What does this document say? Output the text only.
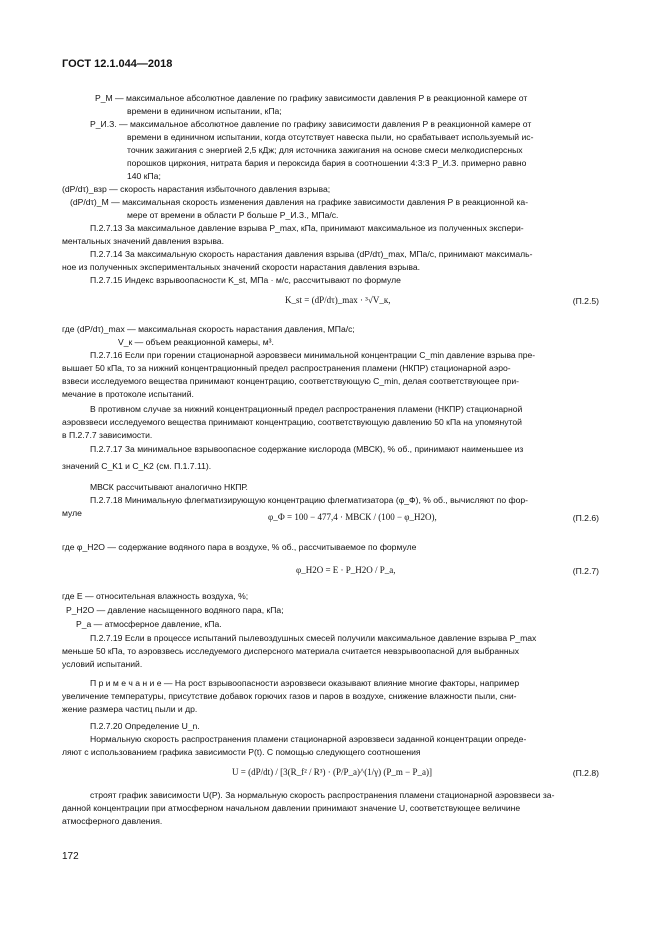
ГОСТ 12.1.044—2018
P_M — максимальное абсолютное давление по графику зависимости давления P в реакционной камере от
времени в единичном испытании, кПа;
P_И.З. — максимальное абсолютное давление по графику зависимости давления P в реакционной камере от
времени в единичном испытании, когда отсутствует навеска пыли, но срабатывает используемый ис-
точник зажигания с энергией 2,5 кДж; для источника зажигания на основе смеси мелкодисперсных
порошков циркония, нитрата бария и пероксида бария в соотношении 4:3:3 P_И.З. примерно равно
140 кПа;
(dP/dτ)_взр — скорость нарастания избыточного давления взрыва;
(dP/dτ)_M — максимальная скорость изменения давления на графике зависимости давления P в реакционной ка-
мере от времени в области P больше P_И.З., МПа/с.
П.2.7.13 За максимальное давление взрыва P_max, кПа, принимают максимальное из полученных экспери-
ментальных значений давления взрыва.
П.2.7.14 За максимальную скорость нарастания давления взрыва (dP/dτ)_max, МПа/с, принимают максималь-
ное из полученных экспериментальных значений скорости нарастания давления взрыва.
П.2.7.15 Индекс взрывоопасности K_st, МПа · м/с, рассчитывают по формуле
где (dP/dτ)_max — максимальная скорость нарастания давления, МПа/с;
V_к — объем реакционной камеры, м³.
П.2.7.16 Если при горении стационарной аэровзвеси минимальной концентрации C_min давление взрыва пре-
вышает 50 кПа, то за нижний концентрационный предел распространения пламени (НКПР) стационарной аэро-
взвеси исследуемого вещества принимают концентрацию, соответствующую C_min, делая соответствующее при-
мечание в протоколе испытаний.
В противном случае за нижний концентрационный предел распространения пламени (НКПР) стационарной
аэровзвеси исследуемого вещества принимают концентрацию, соответствующую давлению 50 кПа на упомянутой
в П.2.7.7 зависимости.
П.2.7.17 За минимальное взрывоопасное содержание кислорода (МВСК), % об., принимают наименьшее из
значений C_K1 и C_K2 (см. П.1.7.11).
МВСК рассчитывают аналогично НКПР.
П.2.7.18 Минимальную флегматизирующую концентрацию флегматизатора (φ_Ф), % об., вычисляют по фор-
муле
где φ_H2O — содержание водяного пара в воздухе, % об., рассчитываемое по формуле
где E — относительная влажность воздуха, %;
P_H2O — давление насыщенного водяного пара, кПа;
P_a — атмосферное давление, кПа.
П.2.7.19 Если в процессе испытаний пылевоздушных смесей получили максимальное давление взрыва P_max
меньше 50 кПа, то аэровзвесь исследуемого дисперсного материала считается невзрывоопасной для выбранных
условий испытаний.
П р и м е ч а н и е — На рост взрывоопасности аэровзвеси оказывают влияние многие факторы, например
увеличение температуры, присутствие добавок горючих газов и паров в воздухе, снижение влажности пыли, сни-
жение размера частиц пыли и др.
П.2.7.20 Определение U_n.
Нормальную скорость распространения пламени стационарной аэровзвеси заданной концентрации опреде-
ляют с использованием графика зависимости P(t). С помощью следующего соотношения
строят график зависимости U(P). За нормальную скорость распространения пламени стационарной аэровзвеси за-
данной концентрации при атмосферном начальном давлении принимают значение U, соответствующее величине
атмосферного давления.
K_st = (dP/dτ)_max · ³√V_к,	(П.2.5)
φ_Ф = 100 − 477,4 · МВСК / (100 − φ_H2O),	(П.2.6)
φ_H2O = E · P_H2O / P_a,	(П.2.7)
U = (dP/dt) / [3(R_f² / R³) · (P/P_a)^(1/γ) (P_m − P_a)]	(П.2.8)
172
